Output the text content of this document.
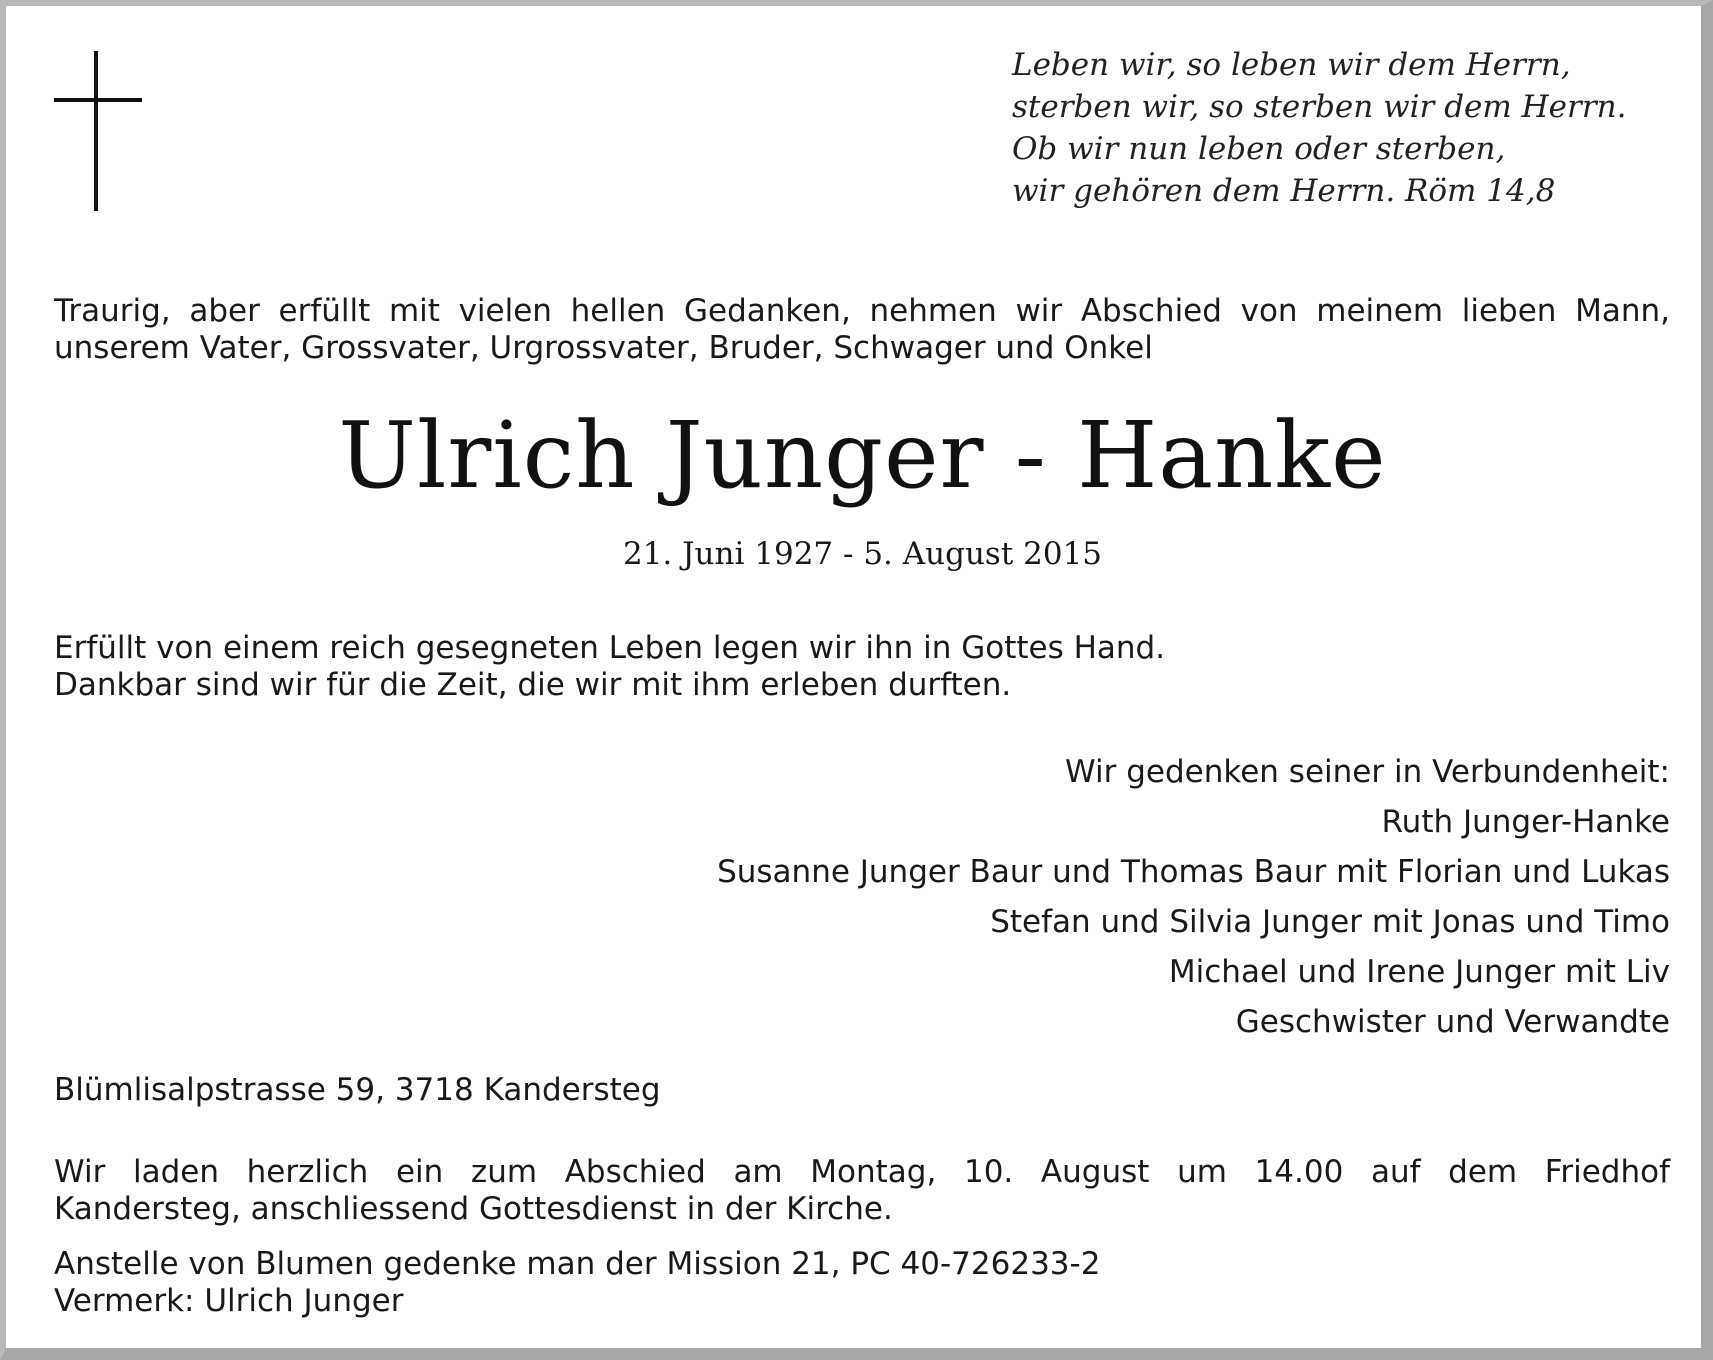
Leben wir, so leben wir dem Herrn,
sterben wir, so sterben wir dem Herrn.
Ob wir nun leben oder sterben,
wir gehören dem Herrn. Röm 14,8
Traurig, aber erfüllt mit vielen hellen Gedanken, nehmen wir Abschied von meinem lieben Mann,
unserem Vater, Grossvater, Urgrossvater, Bruder, Schwager und Onkel
Ulrich Junger - Hanke
21. Juni 1927 - 5. August 2015
Erfüllt von einem reich gesegneten Leben legen wir ihn in Gottes Hand.
Dankbar sind wir für die Zeit, die wir mit ihm erleben durften.
Wir gedenken seiner in Verbundenheit:
Ruth Junger-Hanke
Susanne Junger Baur und Thomas Baur mit Florian und Lukas
Stefan und Silvia Junger mit Jonas und Timo
Michael und Irene Junger mit Liv
Geschwister und Verwandte
Blümlisalpstrasse 59, 3718 Kandersteg
Wir laden herzlich ein zum Abschied am Montag, 10. August um 14.00 auf dem Friedhof
Kandersteg, anschliessend Gottesdienst in der Kirche.
Anstelle von Blumen gedenke man der Mission 21, PC 40-726233-2
Vermerk: Ulrich Junger
